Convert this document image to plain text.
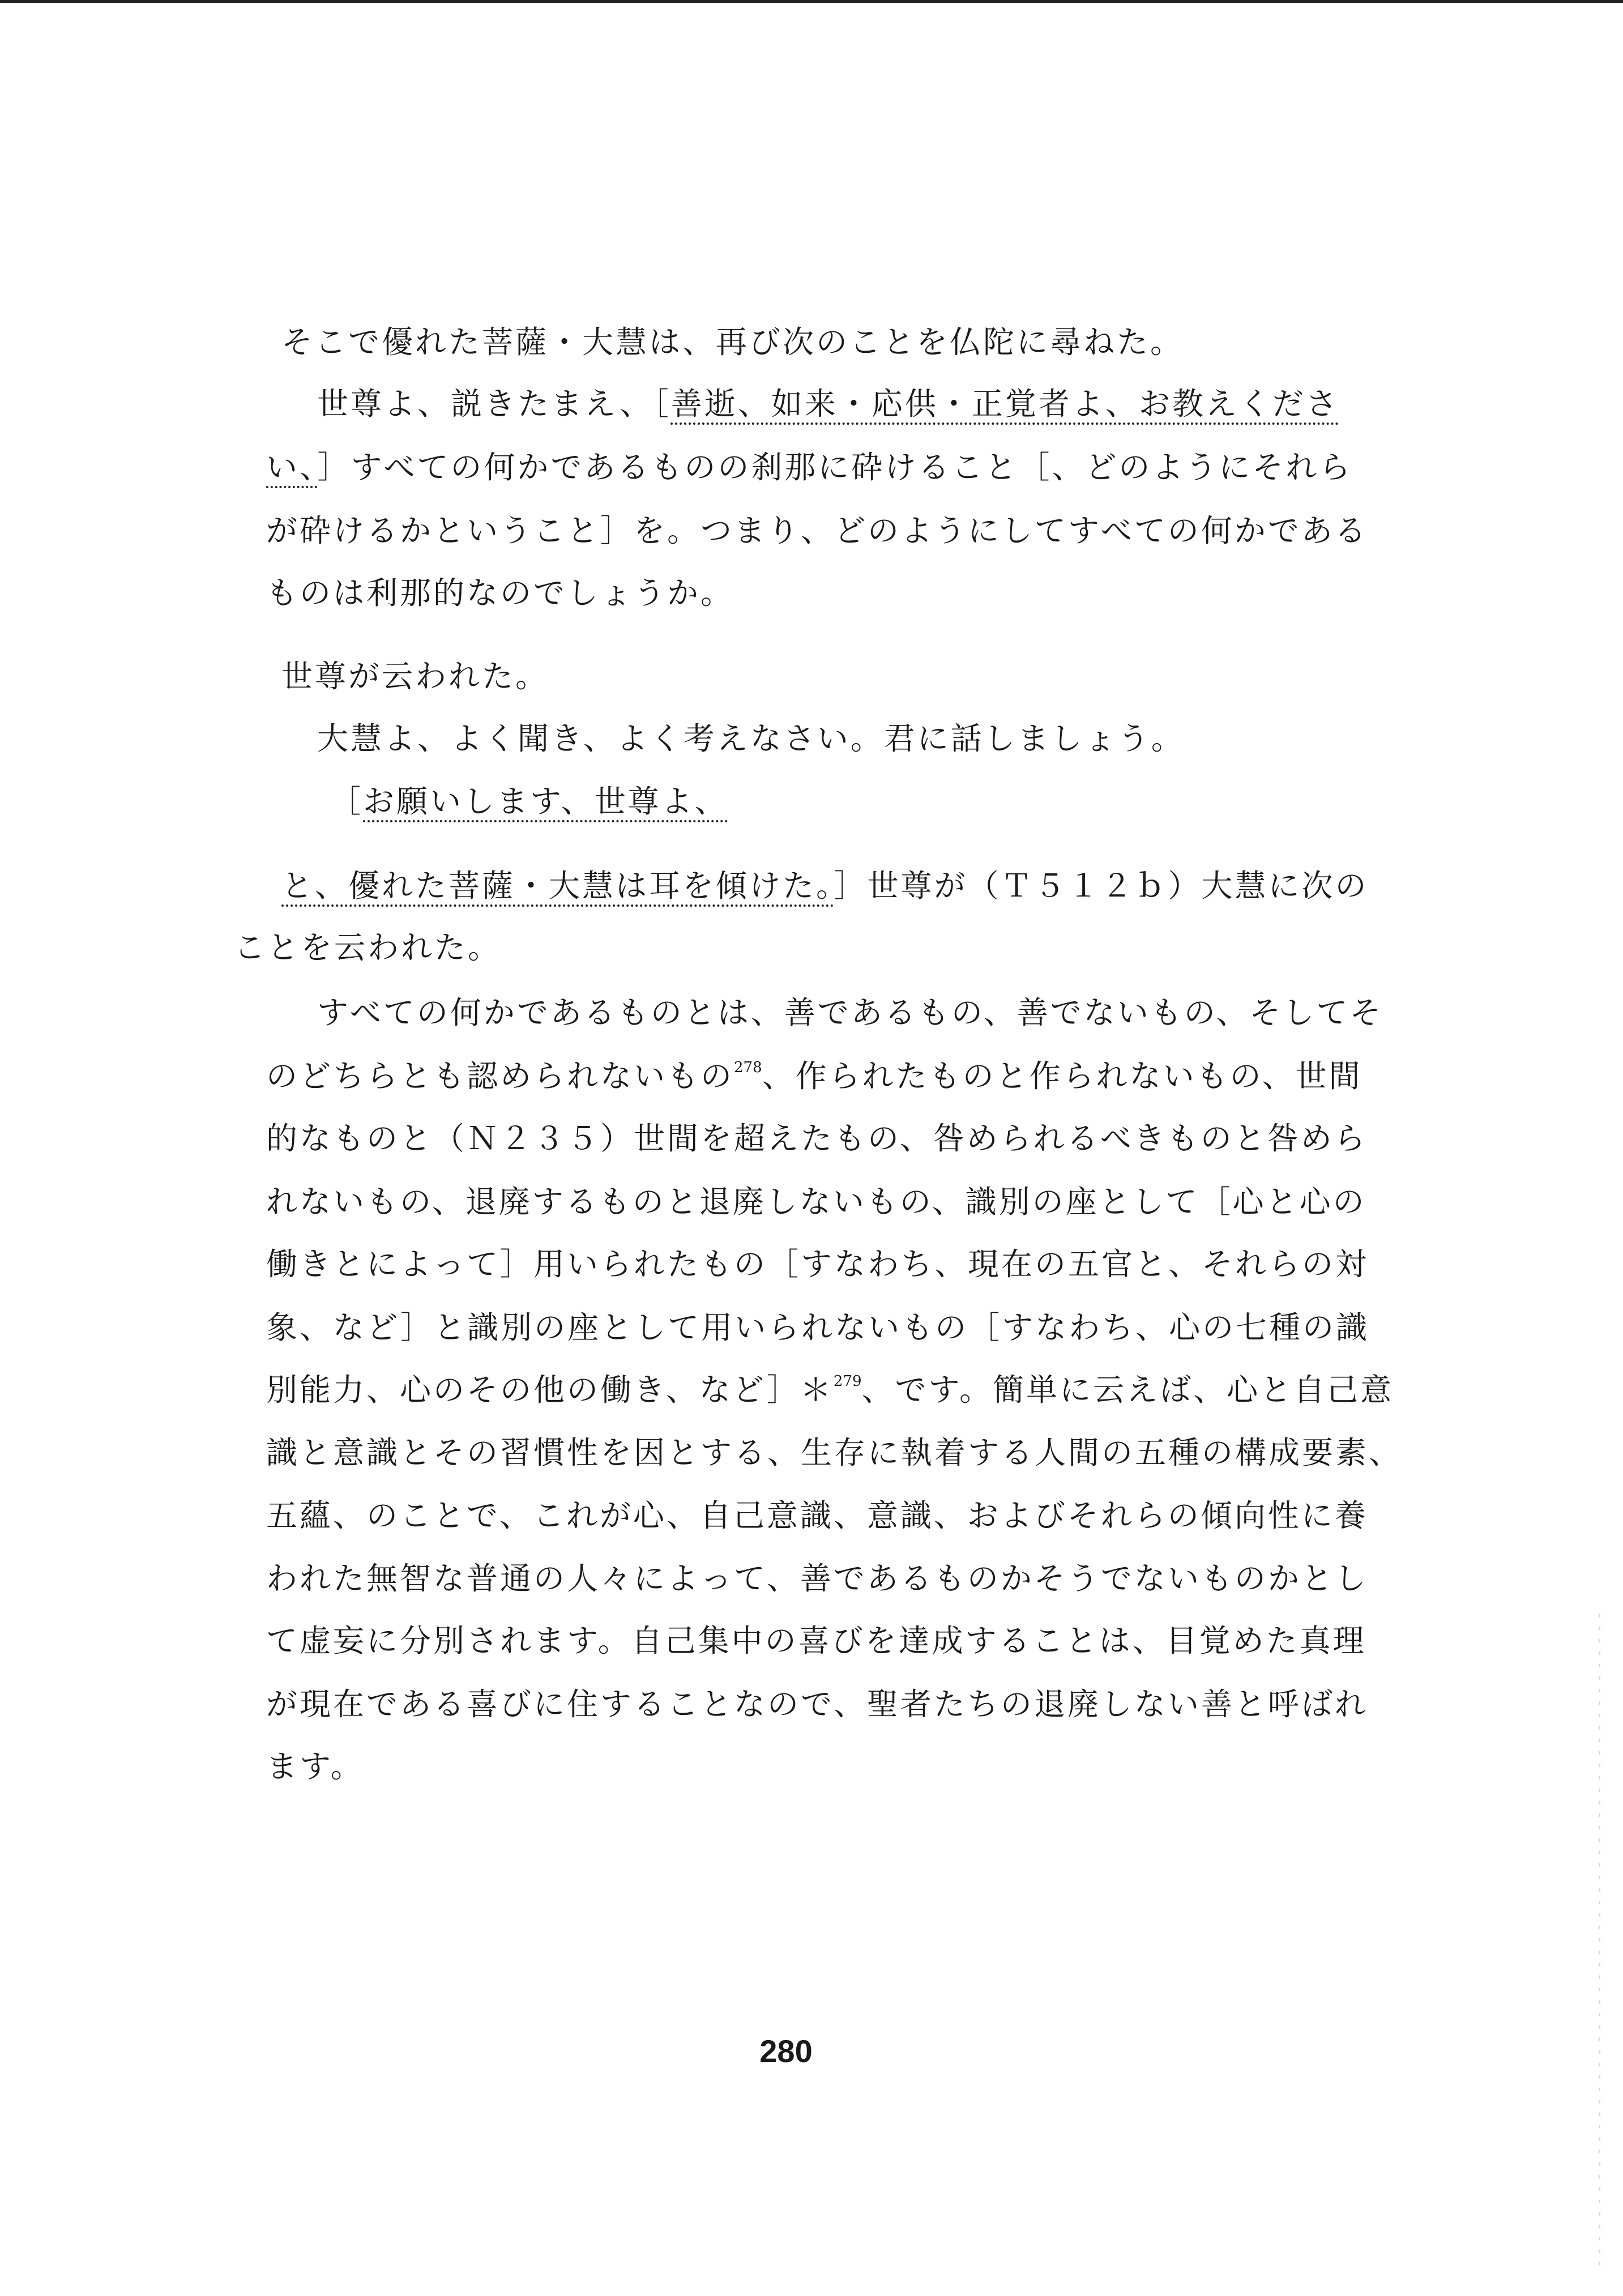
そこで優れた菩薩・大慧は、再び次のことを仏陀に尋ねた。
世尊よ、説きたまえ、［善逝、如来・応供・正覚者よ、お教えくださ
い、］すべての何かであるものの刹那に砕けること［、どのようにそれら
が砕けるかということ］を。つまり、どのようにしてすべての何かである
ものは利那的なのでしょうか。
世尊が云われた。
大慧よ、よく聞き、よく考えなさい。君に話しましょう。
［お願いします、世尊よ、
と、優れた菩薩・大慧は耳を傾けた。］世尊が（Ｔ５１２ｂ）大慧に次の
ことを云われた。
すべての何かであるものとは、善であるもの、善でないもの、そしてそ
のどちらとも認められないもの$^{278}$、作られたものと作られないもの、世間
的なものと（Ｎ２３５）世間を超えたもの、咎められるべきものと咎めら
れないもの、退廃するものと退廃しないもの、識別の座として［心と心の
働きとによって］用いられたもの［すなわち、現在の五官と、それらの対
象、など］と識別の座として用いられないもの［すなわち、心の七種の識
別能力、心のその他の働き、など］＊$^{279}$、です。簡単に云えば、心と自己意
識と意識とその習慣性を因とする、生存に執着する人間の五種の構成要素、
五蘊、のことで、これが心、自己意識、意識、およびそれらの傾向性に養
われた無智な普通の人々によって、善であるものかそうでないものかとし
て虚妄に分別されます。自己集中の喜びを達成することは、目覚めた真理
が現在である喜びに住することなので、聖者たちの退廃しない善と呼ばれ
ます。
280
